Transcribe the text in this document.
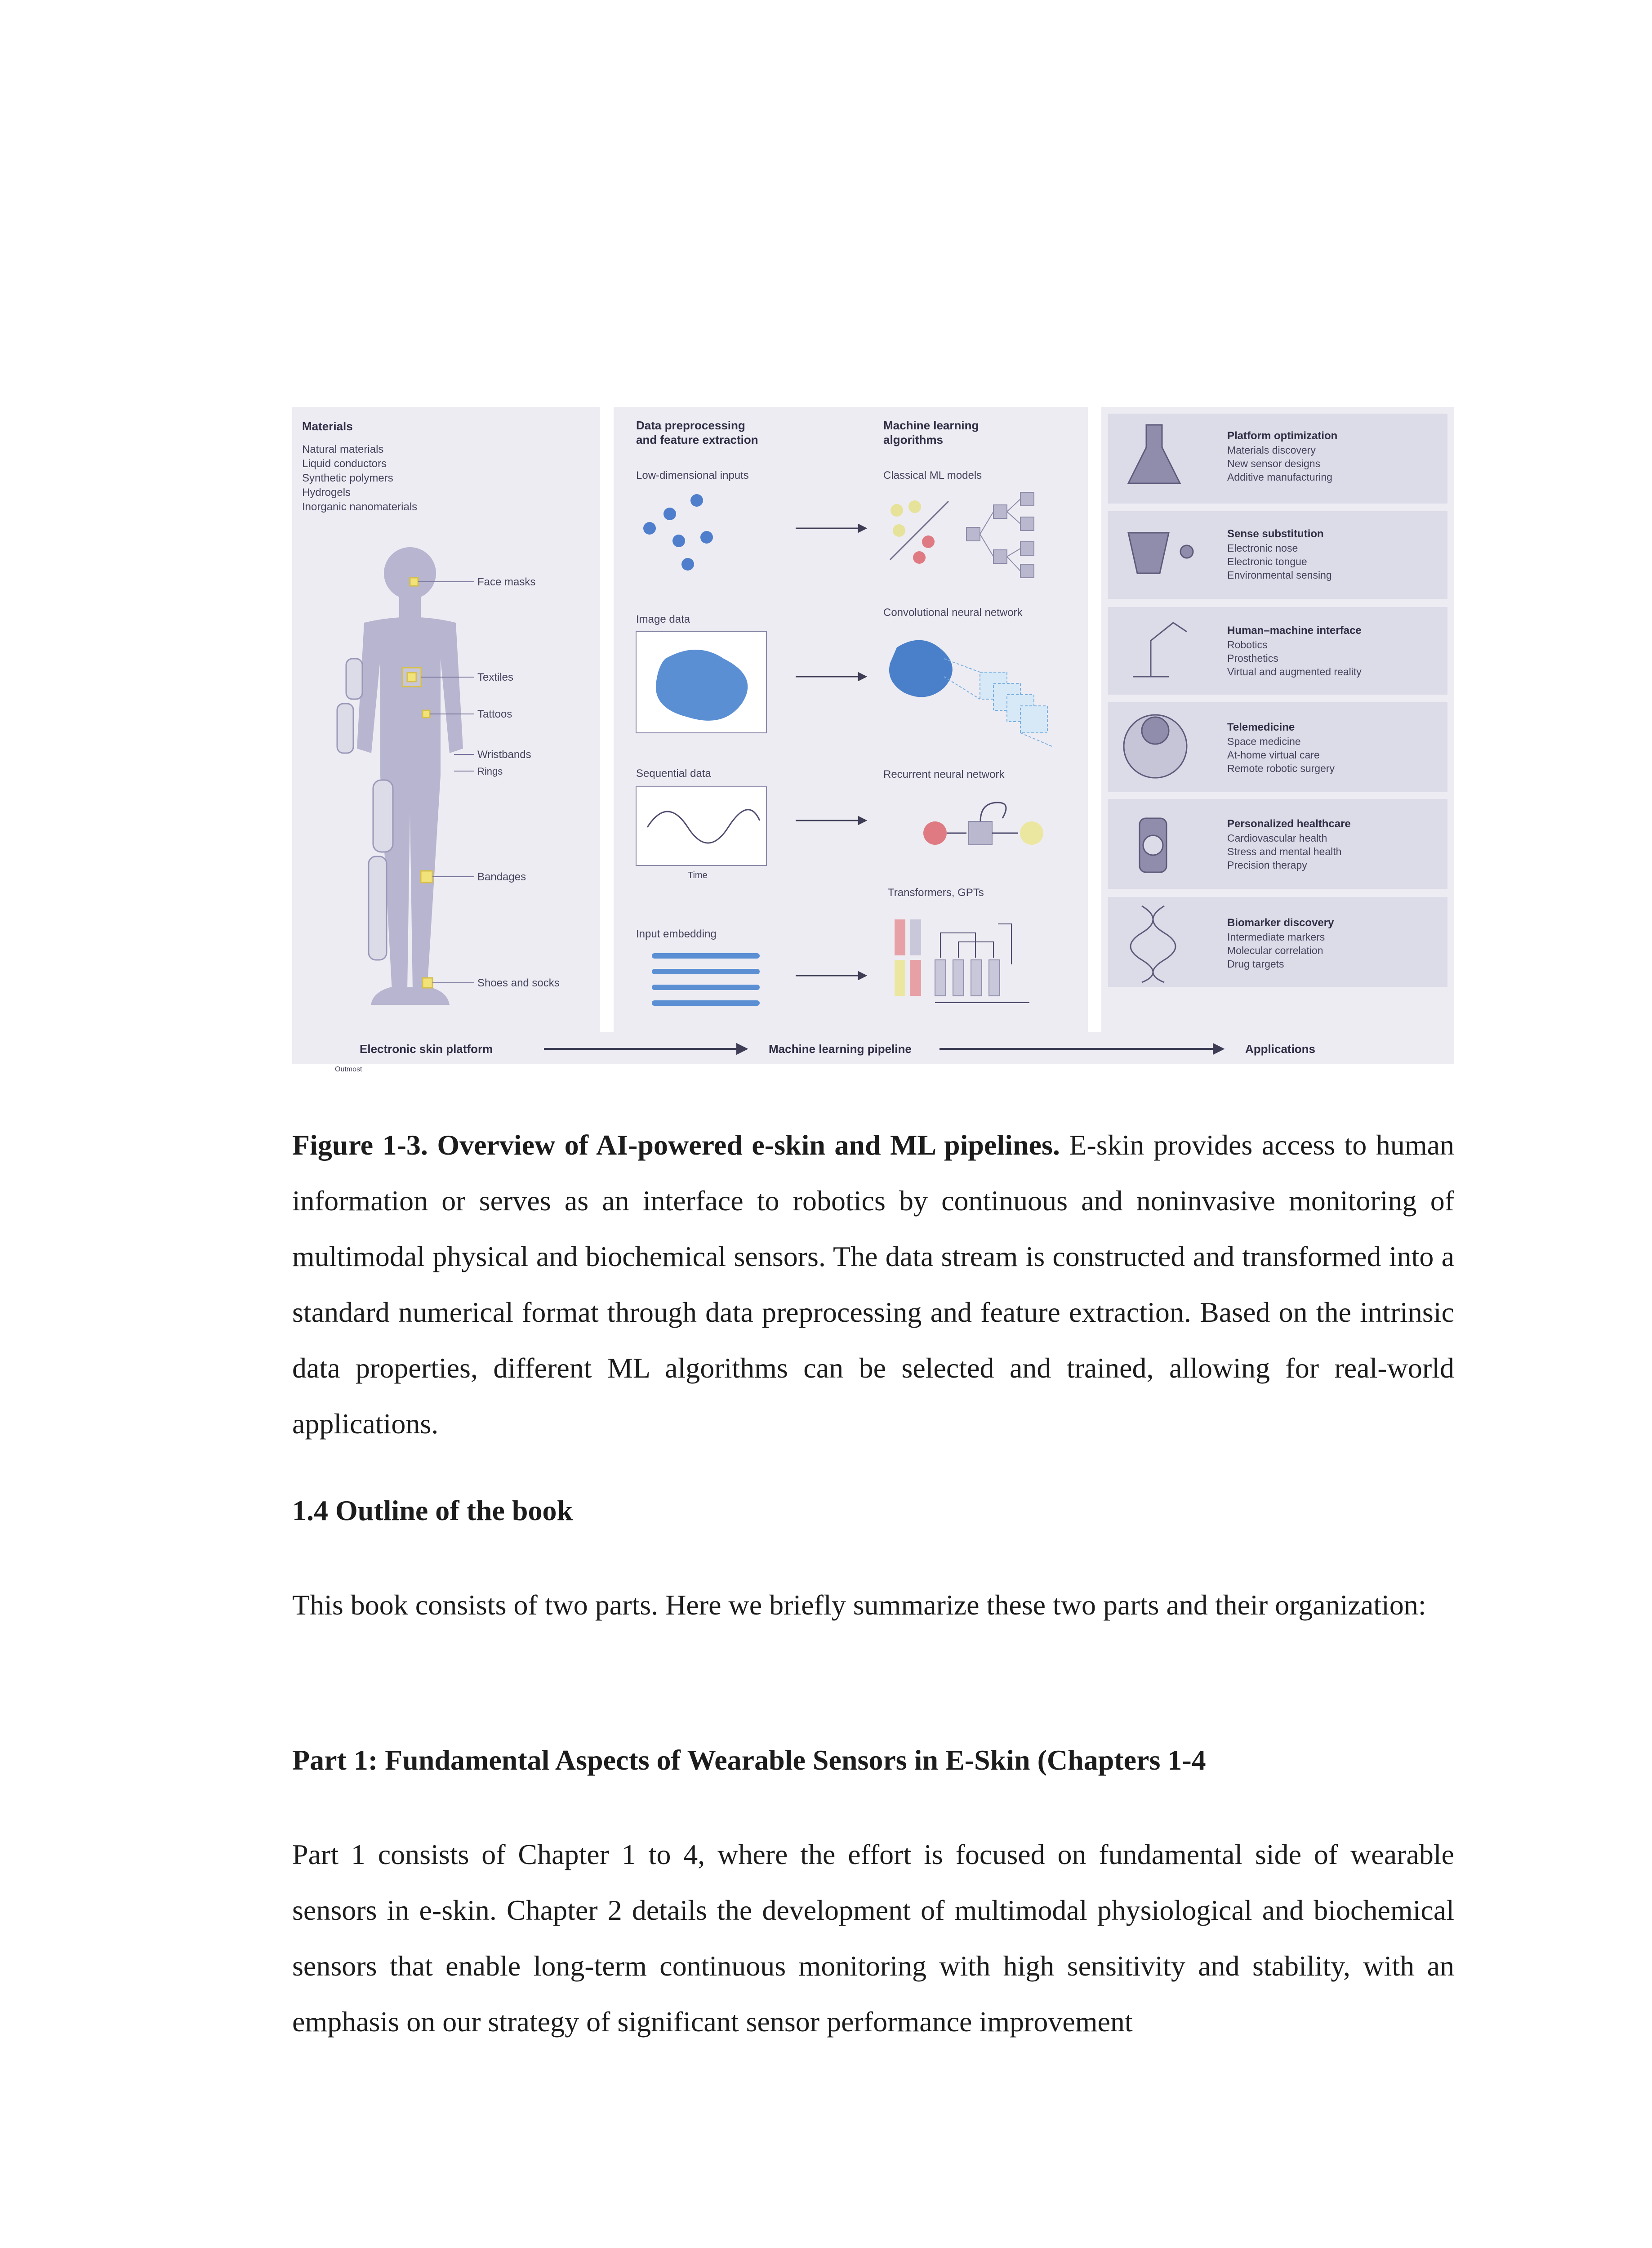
Materials
Natural materials
Liquid conductors
Synthetic polymers
Hydrogels
Inorganic nanomaterials
Face masks
Textiles
Tattoos
Wristbands
Rings
Bandages
Shoes and socks
Data preprocessing
and feature extraction
Low-dimensional inputs
Image data
Sequential data
Time
Input embedding
Machine learning
algorithms
Classical ML models
Convolutional neural network
Recurrent neural network
Transformers, GPTs
Platform optimization
Materials discovery
New sensor designs
Additive manufacturing
Sense substitution
Electronic nose
Electronic tongue
Environmental sensing
Human–machine interface
Robotics
Prosthetics
Virtual and augmented reality
Telemedicine
Space medicine
At-home virtual care
Remote robotic surgery
Personalized healthcare
Cardiovascular health
Stress and mental health
Precision therapy
Biomarker discovery
Intermediate markers
Molecular correlation
Drug targets
Electronic skin platform	Machine learning pipeline	Applications
Outmost
Figure 1-3. Overview of AI-powered e-skin and ML pipelines. E-skin provides access to human information or serves as an interface to robotics by continuous and noninvasive monitoring of multimodal physical and biochemical sensors. The data stream is constructed and transformed into a standard numerical format through data preprocessing and feature extraction. Based on the intrinsic data properties, different ML algorithms can be selected and trained, allowing for real-world applications.
1.4 Outline of the book
This book consists of two parts. Here we briefly summarize these two parts and their organization:
Part 1: Fundamental Aspects of Wearable Sensors in E-Skin (Chapters 1-4
Part 1 consists of Chapter 1 to 4, where the effort is focused on fundamental side of wearable sensors in e-skin. Chapter 2 details the development of multimodal physiological and biochemical sensors that enable long-term continuous monitoring with high sensitivity and stability, with an emphasis on our strategy of significant sensor performance improvement
